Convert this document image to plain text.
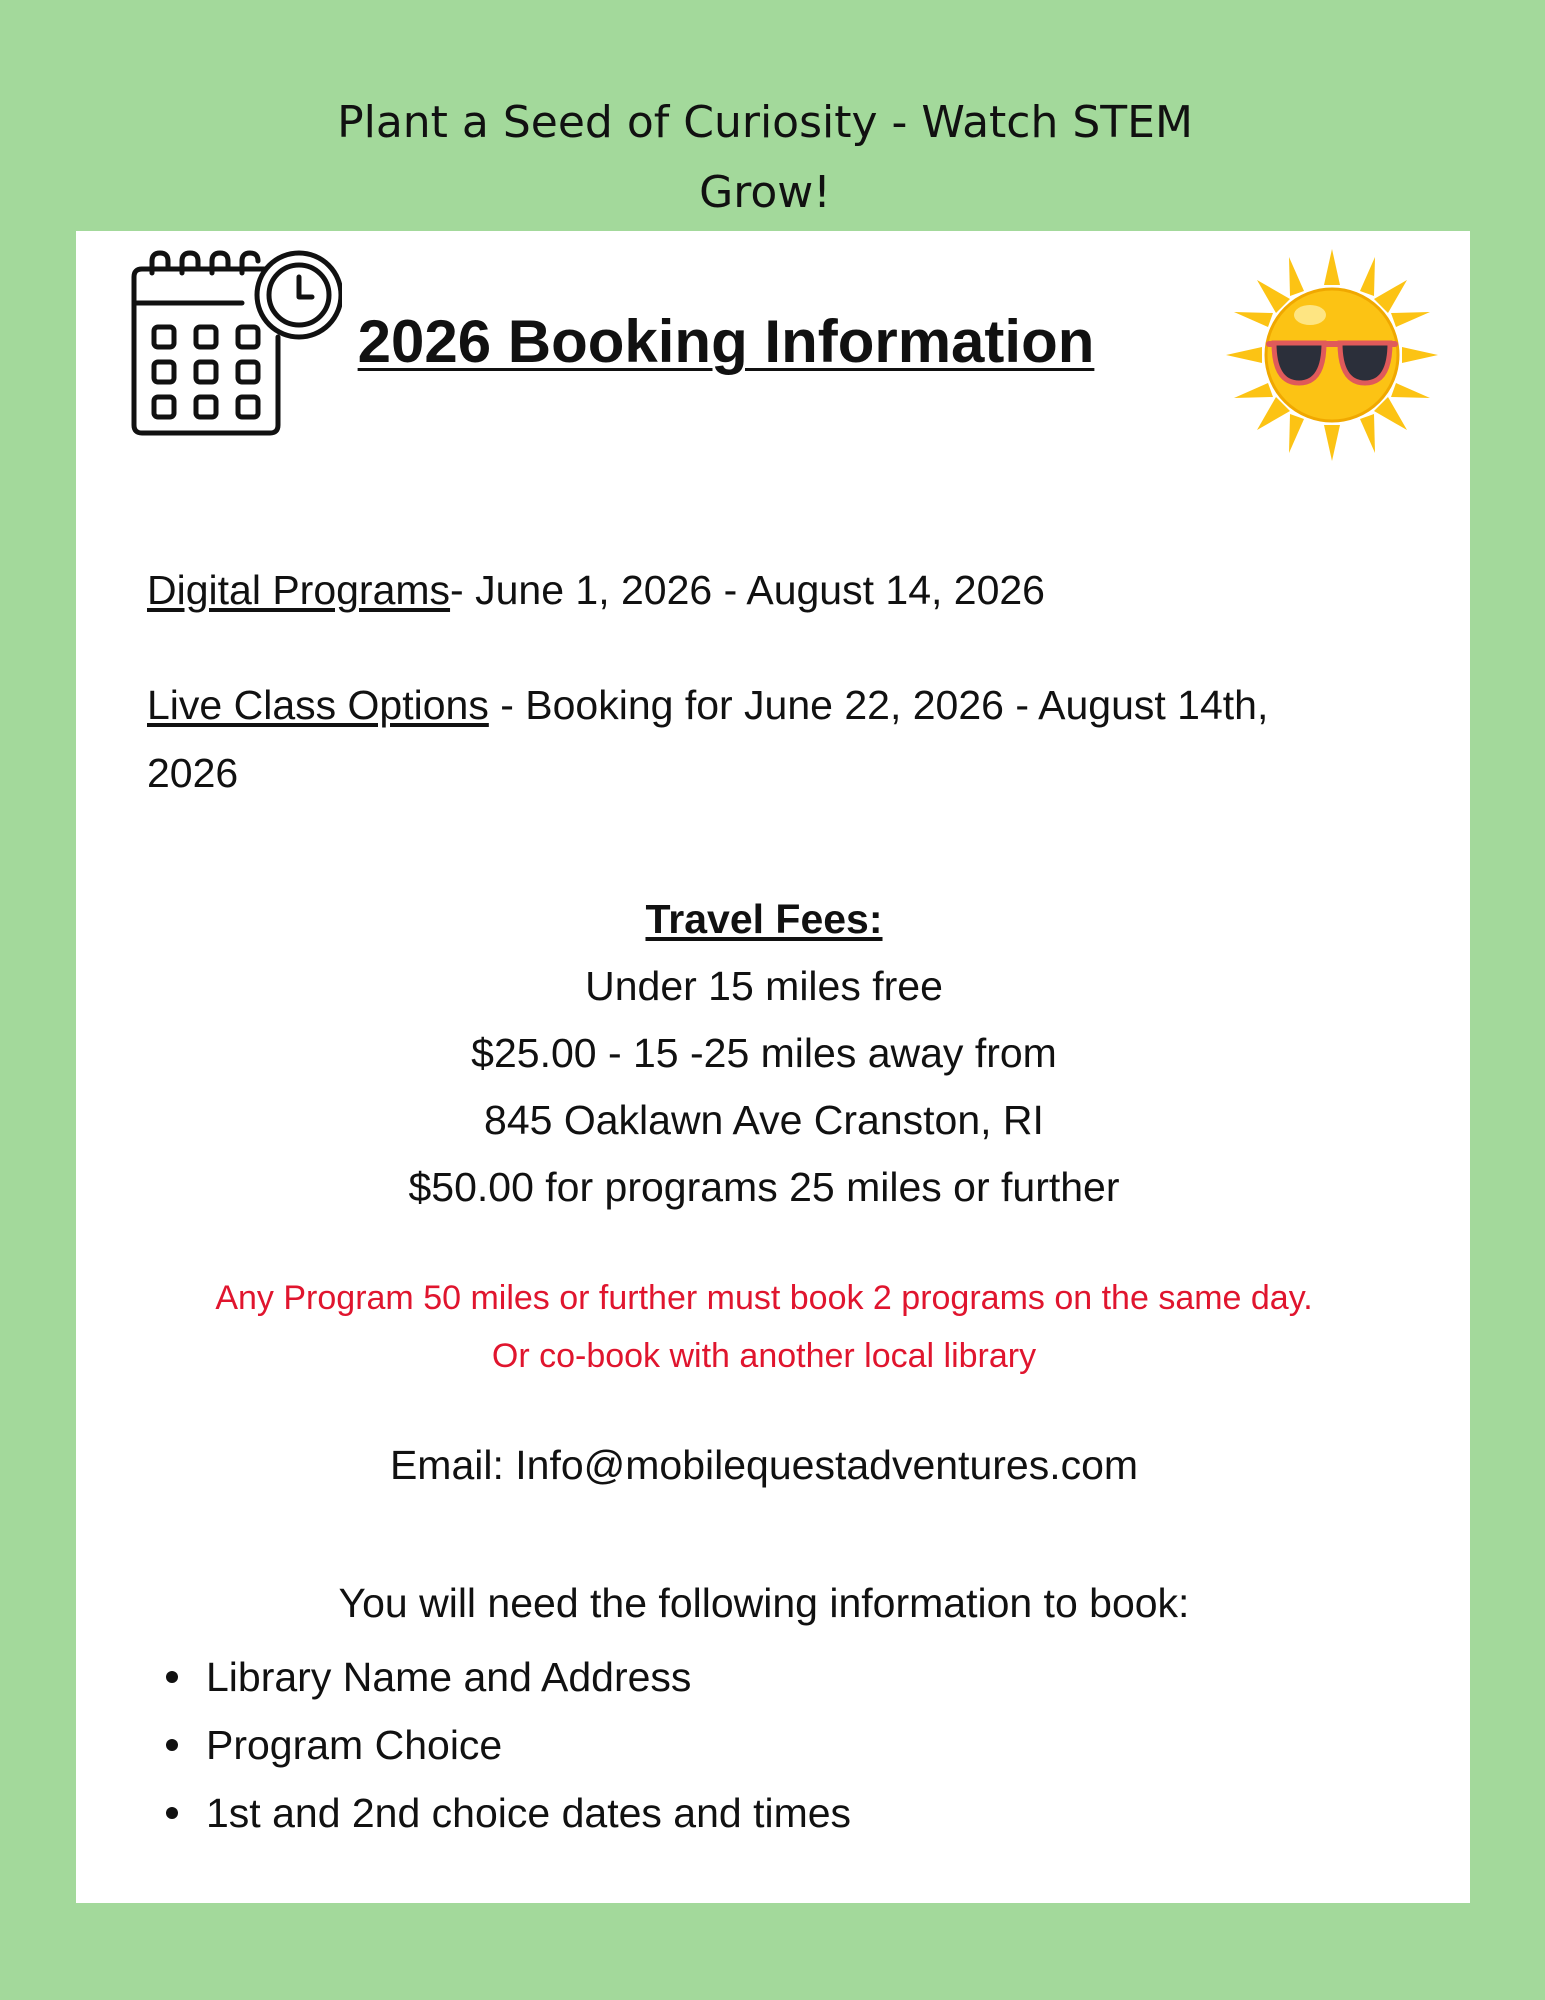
Plant a Seed of Curiosity - Watch STEM
Grow!
2026 Booking Information
Digital Programs- June 1, 2026 - August 14, 2026
Live Class Options - Booking for June 22, 2026 - August 14th, 2026
Travel Fees:
Under 15 miles free
$25.00 - 15 -25 miles away from
845 Oaklawn Ave Cranston, RI
$50.00 for programs 25 miles or further
Any Program 50 miles or further must book 2 programs on the same day.
Or co-book with another local library
Email: Info@mobilequestadventures.com
You will need the following information to book:
Library Name and Address
Program Choice
1st and 2nd choice dates and times
